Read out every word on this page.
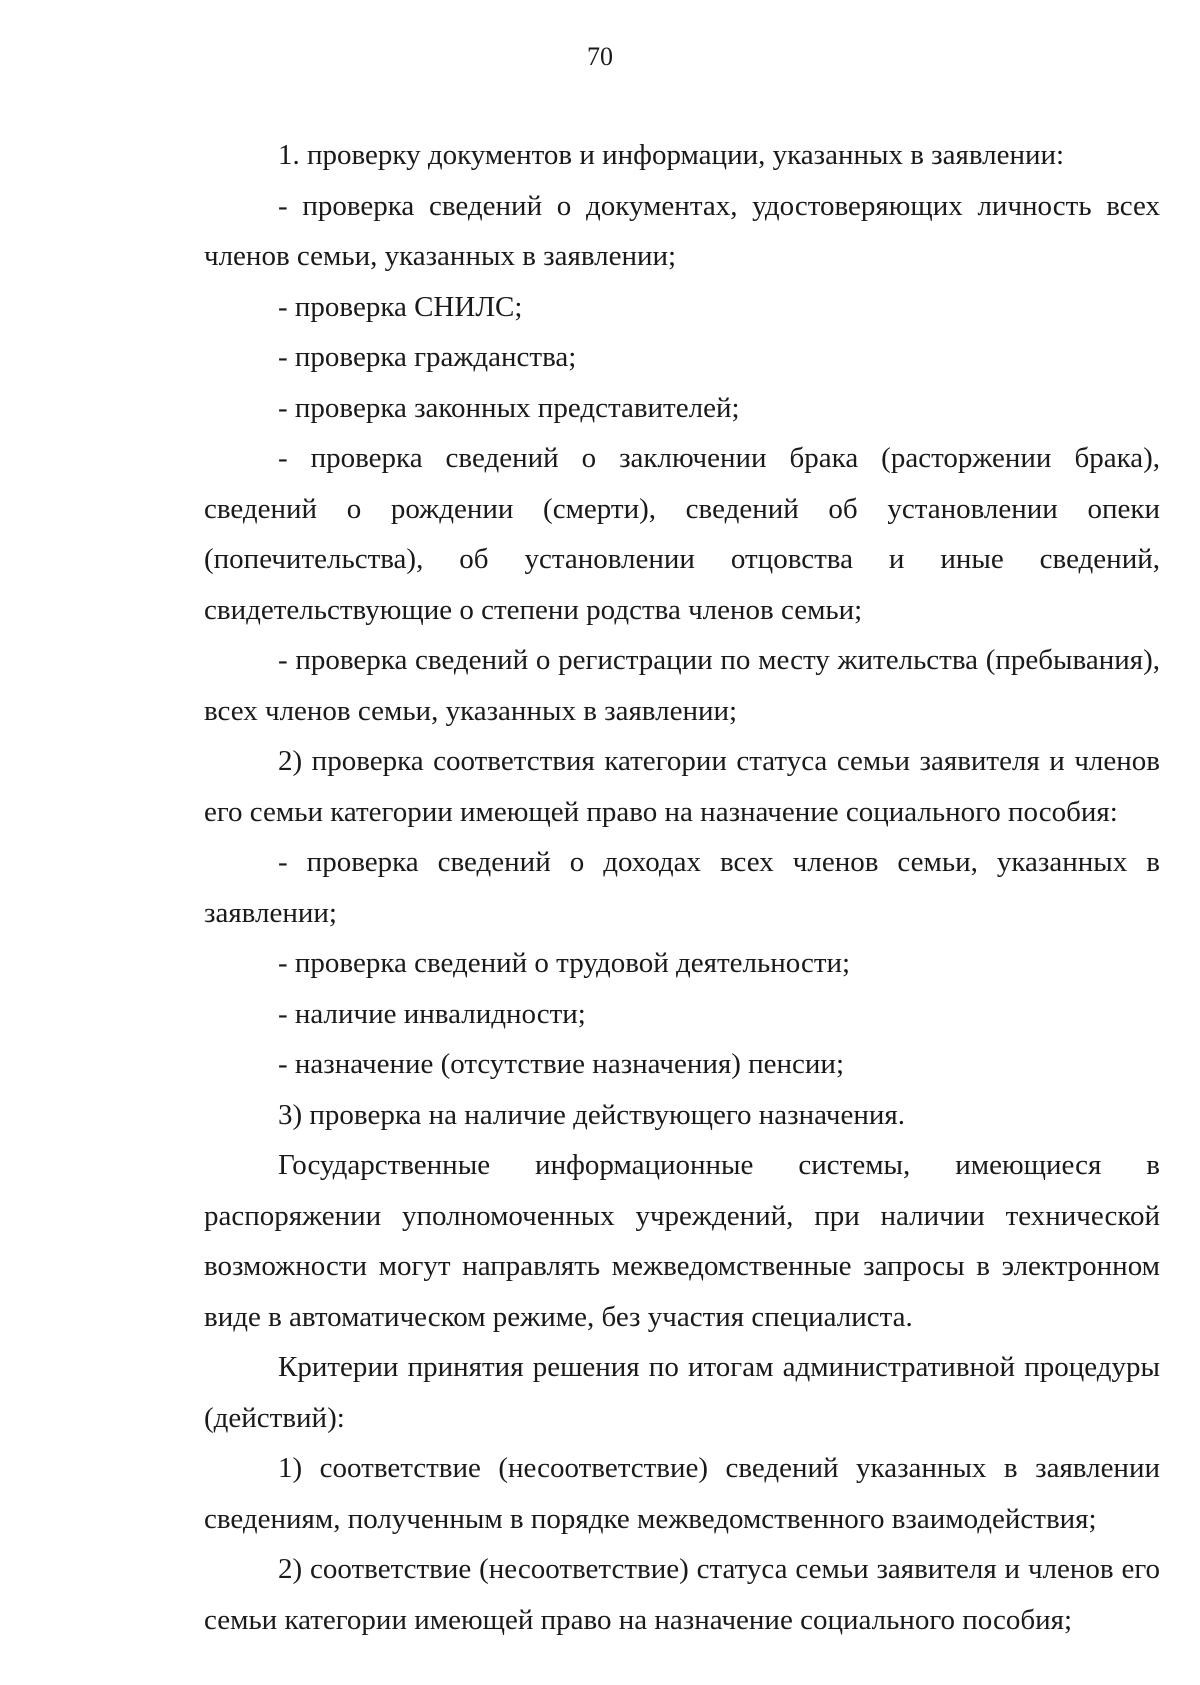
70

1. проверку документов и информации, указанных в заявлении:

- проверка сведений о документах, удостоверяющих личность всех членов семьи, указанных в заявлении;

- проверка СНИЛС;

- проверка гражданства;

- проверка законных представителей;

- проверка сведений о заключении брака (расторжении брака), сведений о рождении (смерти), сведений об установлении опеки (попечительства), об установлении отцовства и иные сведений, свидетельствующие о степени родства членов семьи;

- проверка сведений о регистрации по месту жительства (пребывания), всех членов семьи, указанных в заявлении;

2) проверка соответствия категории статуса семьи заявителя и членов его семьи категории имеющей право на назначение социального пособия:

- проверка сведений о доходах всех членов семьи, указанных в заявлении;

- проверка сведений о трудовой деятельности;

- наличие инвалидности;

- назначение (отсутствие назначения) пенсии;

3) проверка на наличие действующего назначения.

Государственные информационные системы, имеющиеся в распоряжении уполномоченных учреждений, при наличии технической возможности могут направлять межведомственные запросы в электронном виде в автоматическом режиме, без участия специалиста.

Критерии принятия решения по итогам административной процедуры (действий):

1) соответствие (несоответствие) сведений указанных в заявлении сведениям, полученным в порядке межведомственного взаимодействия;

2) соответствие (несоответствие) статуса семьи заявителя и членов его семьи категории имеющей право на назначение социального пособия;
